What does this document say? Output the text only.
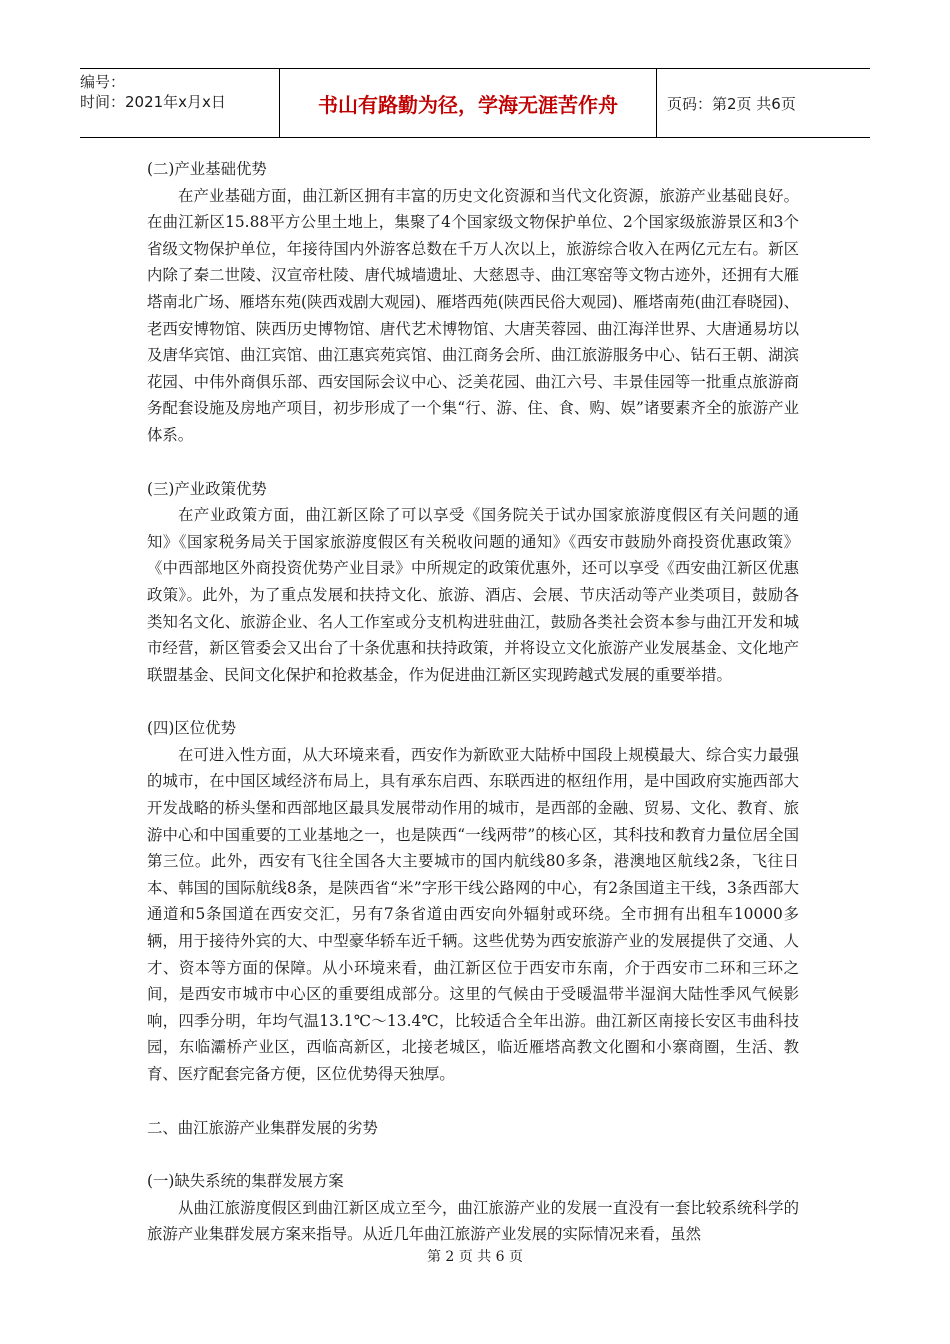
编号：
时间：2021年x月x日	书山有路勤为径，学海无涯苦作舟	页码：第2页 共6页

(二)产业基础优势

在产业基础方面，曲江新区拥有丰富的历史文化资源和当代文化资源，旅游产业基础良好。在曲江新区15.88平方公里土地上，集聚了4个国家级文物保护单位、2个国家级旅游景区和3个省级文物保护单位，年接待国内外游客总数在千万人次以上，旅游综合收入在两亿元左右。新区内除了秦二世陵、汉宣帝杜陵、唐代城墙遗址、大慈恩寺、曲江寒窑等文物古迹外，还拥有大雁塔南北广场、雁塔东苑(陕西戏剧大观园)、雁塔西苑(陕西民俗大观园)、雁塔南苑(曲江春晓园)、老西安博物馆、陕西历史博物馆、唐代艺术博物馆、大唐芙蓉园、曲江海洋世界、大唐通易坊以及唐华宾馆、曲江宾馆、曲江惠宾苑宾馆、曲江商务会所、曲江旅游服务中心、钻石王朝、湖滨花园、中伟外商俱乐部、西安国际会议中心、泛美花园、曲江六号、丰景佳园等一批重点旅游商务配套设施及房地产项目，初步形成了一个集“行、游、住、食、购、娱”诸要素齐全的旅游产业体系。

(三)产业政策优势

在产业政策方面，曲江新区除了可以享受《国务院关于试办国家旅游度假区有关问题的通知》《国家税务局关于国家旅游度假区有关税收问题的通知》《西安市鼓励外商投资优惠政策》《中西部地区外商投资优势产业目录》中所规定的政策优惠外，还可以享受《西安曲江新区优惠政策》。此外，为了重点发展和扶持文化、旅游、酒店、会展、节庆活动等产业类项目，鼓励各类知名文化、旅游企业、名人工作室或分支机构进驻曲江，鼓励各类社会资本参与曲江开发和城市经营，新区管委会又出台了十条优惠和扶持政策，并将设立文化旅游产业发展基金、文化地产联盟基金、民间文化保护和抢救基金，作为促进曲江新区实现跨越式发展的重要举措。

(四)区位优势

在可进入性方面，从大环境来看，西安作为新欧亚大陆桥中国段上规模最大、综合实力最强的城市，在中国区域经济布局上，具有承东启西、东联西进的枢纽作用，是中国政府实施西部大开发战略的桥头堡和西部地区最具发展带动作用的城市，是西部的金融、贸易、文化、教育、旅游中心和中国重要的工业基地之一，也是陕西“一线两带”的核心区，其科技和教育力量位居全国第三位。此外，西安有飞往全国各大主要城市的国内航线80多条，港澳地区航线2条，飞往日本、韩国的国际航线8条，是陕西省“米”字形干线公路网的中心，有2条国道主干线，3条西部大通道和5条国道在西安交汇，另有7条省道由西安向外辐射或环绕。全市拥有出租车10000多辆，用于接待外宾的大、中型豪华轿车近千辆。这些优势为西安旅游产业的发展提供了交通、人才、资本等方面的保障。从小环境来看，曲江新区位于西安市东南，介于西安市二环和三环之间，是西安市城市中心区的重要组成部分。这里的气候由于受暖温带半湿润大陆性季风气候影响，四季分明，年均气温13.1℃～13.4℃，比较适合全年出游。曲江新区南接长安区韦曲科技园，东临灞桥产业区，西临高新区，北接老城区，临近雁塔高教文化圈和小寨商圈，生活、教育、医疗配套完备方便，区位优势得天独厚。

二、曲江旅游产业集群发展的劣势

(一)缺失系统的集群发展方案

从曲江旅游度假区到曲江新区成立至今，曲江旅游产业的发展一直没有一套比较系统科学的旅游产业集群发展方案来指导。从近几年曲江旅游产业发展的实际情况来看，虽然

第 2 页 共 6 页
